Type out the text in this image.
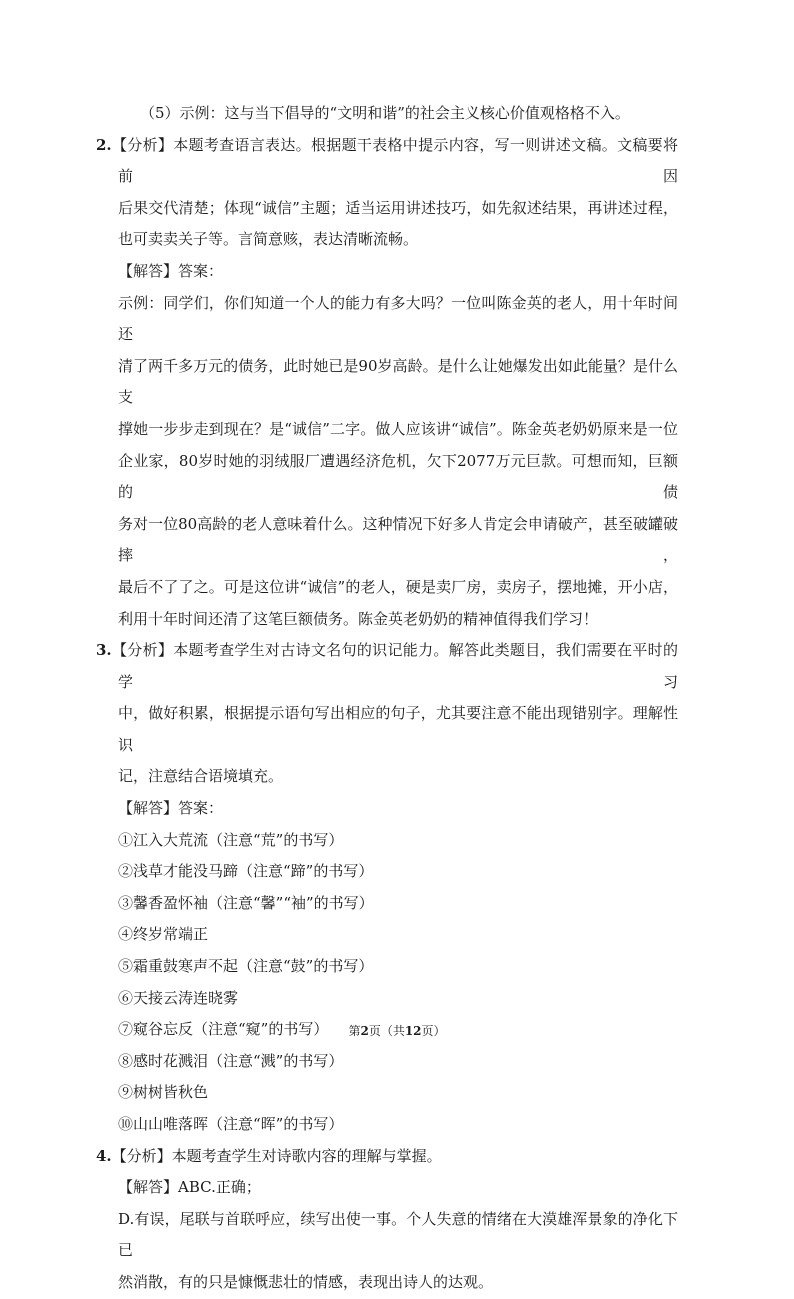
（5）示例：这与当下倡导的“文明和谐”的社会主义核心价值观格格不入。
2.【分析】本题考查语言表达。根据题干表格中提示内容，写一则讲述文稿。文稿要将前因
后果交代清楚；体现“诚信”主题；适当运用讲述技巧，如先叙述结果，再讲述过程，
也可卖卖关子等。言简意赅，表达清晰流畅。
【解答】答案：
示例：同学们，你们知道一个人的能力有多大吗？一位叫陈金英的老人，用十年时间还
清了两千多万元的债务，此时她已是90岁高龄。是什么让她爆发出如此能量？是什么支
撑她一步步走到现在？是“诚信”二字。做人应该讲“诚信”。陈金英老奶奶原来是一位
企业家，80岁时她的羽绒服厂遭遇经济危机，欠下2077万元巨款。可想而知，巨额的债
务对一位80高龄的老人意味着什么。这种情况下好多人肯定会申请破产，甚至破罐破摔，
最后不了了之。可是这位讲“诚信”的老人，硬是卖厂房，卖房子，摆地摊，开小店，
利用十年时间还清了这笔巨额债务。陈金英老奶奶的精神值得我们学习！
3.【分析】本题考查学生对古诗文名句的识记能力。解答此类题目，我们需要在平时的学习
中，做好积累，根据提示语句写出相应的句子，尤其要注意不能出现错别字。理解性识
记，注意结合语境填充。
【解答】答案：
①江入大荒流（注意“荒”的书写）
②浅草才能没马蹄（注意“蹄”的书写）
③馨香盈怀袖（注意“馨”“袖”的书写）
④终岁常端正
⑤霜重鼓寒声不起（注意“鼓”的书写）
⑥天接云涛连晓雾
⑦窥谷忘反（注意“窥”的书写）
⑧感时花溅泪（注意“溅”的书写）
⑨树树皆秋色
⑩山山唯落晖（注意“晖”的书写）
4.【分析】本题考查学生对诗歌内容的理解与掌握。
【解答】ABC.正确；
D.有误，尾联与首联呼应，续写出使一事。个人失意的情绪在大漠雄浑景象的净化下已
然消散，有的只是慷慨悲壮的情感，表现出诗人的达观。
第2页（共12页）
